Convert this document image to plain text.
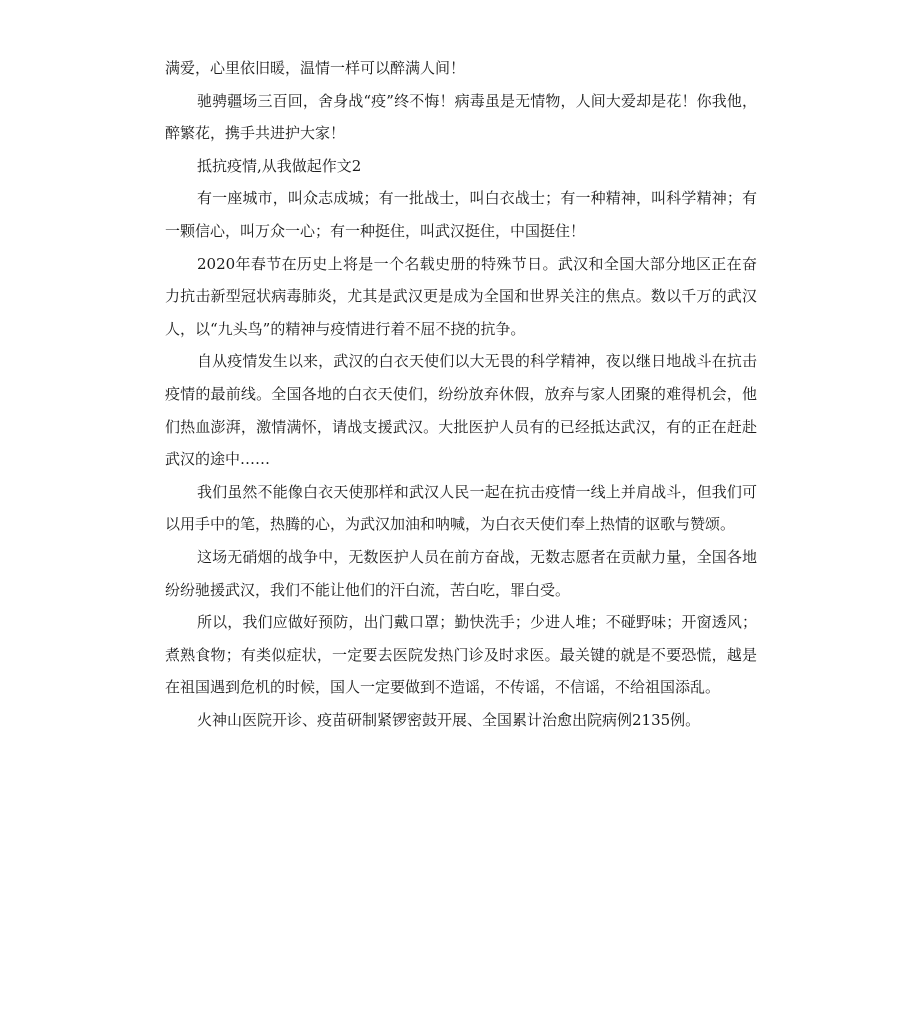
满爱，心里依旧暖，温情一样可以醉满人间！

驰骋疆场三百回，舍身战“疫”终不悔！病毒虽是无情物，人间大爱却是花！你我他，醉繁花，携手共进护大家！

抵抗疫情,从我做起作文2

有一座城市，叫众志成城；有一批战士，叫白衣战士；有一种精神，叫科学精神；有一颗信心，叫万众一心；有一种挺住，叫武汉挺住，中国挺住！

2020年春节在历史上将是一个名载史册的特殊节日。武汉和全国大部分地区正在奋力抗击新型冠状病毒肺炎，尤其是武汉更是成为全国和世界关注的焦点。数以千万的武汉人，以“九头鸟”的精神与疫情进行着不屈不挠的抗争。

自从疫情发生以来，武汉的白衣天使们以大无畏的科学精神，夜以继日地战斗在抗击疫情的最前线。全国各地的白衣天使们，纷纷放弃休假，放弃与家人团聚的难得机会，他们热血澎湃，激情满怀，请战支援武汉。大批医护人员有的已经抵达武汉，有的正在赶赴武汉的途中……

我们虽然不能像白衣天使那样和武汉人民一起在抗击疫情一线上并肩战斗，但我们可以用手中的笔，热腾的心，为武汉加油和呐喊，为白衣天使们奉上热情的讴歌与赞颂。

这场无硝烟的战争中，无数医护人员在前方奋战，无数志愿者在贡献力量，全国各地纷纷驰援武汉，我们不能让他们的汗白流，苦白吃，罪白受。

所以，我们应做好预防，出门戴口罩；勤快洗手；少进人堆；不碰野味；开窗透风；煮熟食物；有类似症状，一定要去医院发热门诊及时求医。最关键的就是不要恐慌，越是在祖国遇到危机的时候，国人一定要做到不造谣，不传谣，不信谣，不给祖国添乱。

火神山医院开诊、疫苗研制紧锣密鼓开展、全国累计治愈出院病例2135例。
